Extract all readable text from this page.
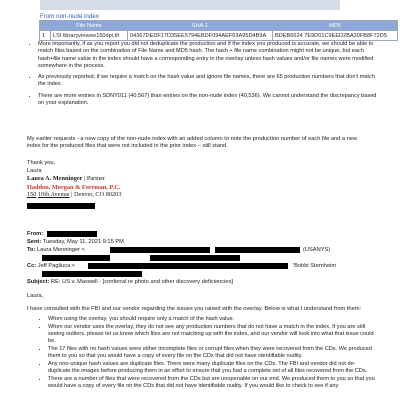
From non-nude index
	File Name	SHA-1	MD5
1	LSI libraryviewsw150dpi.tif	04367DEDF17D35EE5794EBDF094AEF63A95D4B9A	BDEB6624 7E9D01C9EED2BA30FB8F72D5
• More importantly, if as you report you did not deduplicate the production and if the index you produced is accurate, we should be able to match files based on the combination of File Name and MD5 hash. The hash + file name combination might not be unique, but each hash+file name value in the index should have a corresponding entry in the overlay unless hash values and/or file names were modified somewhere in the process.
• As previously reported, if we require a match on the hash value and ignore file names, there are 65 production numbers that don't match the index.
• There are more entries in SDNY011 (40,567) than entries on the non-nude index (40,536). We cannot understand the discrepancy based on your explanation.

My earlier requests - a new copy of the non-nude index with an added column to note the production number of each file and a new index for the produced files that were not included in the prior index – still stand.

Thank you,
Laura
Laura A. Menninger | Partner
Haddon, Morgan & Foreman, P.C.
150 10th Avenue | Denver, CO 80203
From:
Sent: Tuesday, May 11, 2021 9:15 PM
To: Laura Menninger <	(USANYS)
Cc: Jeff Pagliuca <	'Bobbi Sternheim
Subject: RE: US v. Maxwell - [conferral re photo and other discovery deficiencies]
Laura,

I have consulted with the FBI and our vendor regarding the issues you raised with the overlay. Below is what I understand from them:

• When using the overlay, you should require only a match of the hash value.
• When our vendor uses the overlay, they do not see any production numbers that do not have a match in the index. If you are still seeing outliers, please let us know which files are not matching up with the index, and our vendor will look into what that issue could be.
• The 17 files with no hash values were either incomplete files or corrupt files when they were recovered from the CDs. We produced them to you so that you would have a copy of every file on the CDs that did not have identifiable nudity.
• Any non-unique hash values are duplicate files. There were many duplicate files on the CDs. The FBI and vendor did not de-duplicate the images before producing them in an effort to ensure that you had a complete set of all files recovered from the CDs.
• There are a number of files that were recovered from the CDs but are unopenable on our end. We produced them to you so that you would have a copy of every file on the CDs that did not have identifiable nudity. If you would like to check to see if any
